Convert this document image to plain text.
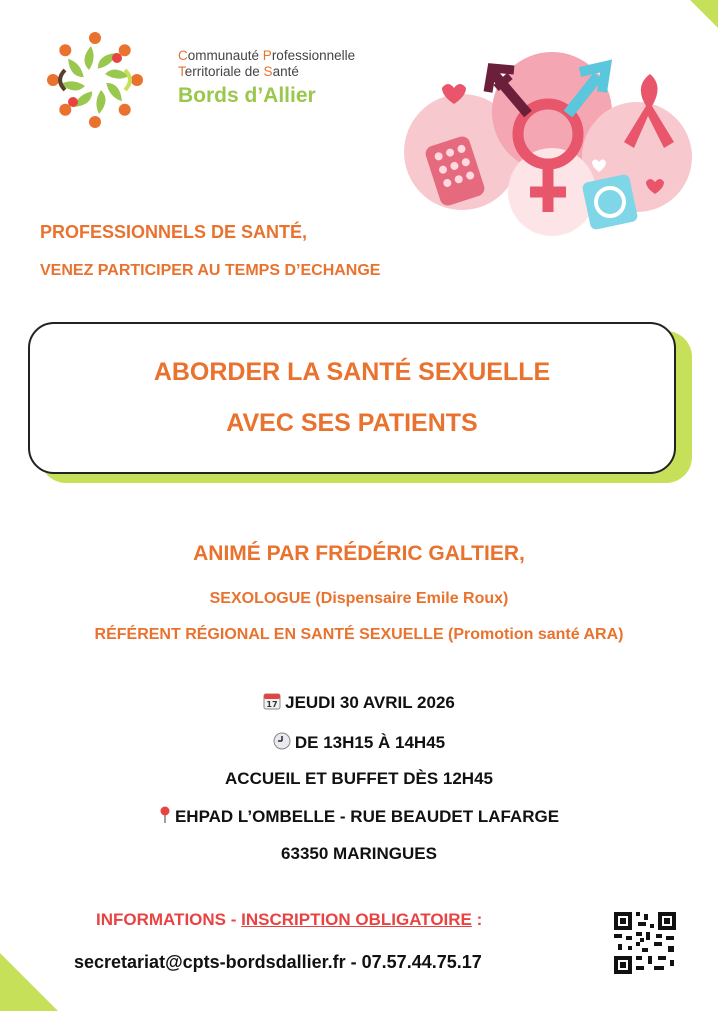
Communauté Professionnelle
Territoriale de Santé
Bords d’Allier
PROFESSIONNELS DE SANTÉ,
VENEZ PARTICIPER AU TEMPS D’ECHANGE
ABORDER LA SANTÉ SEXUELLE
AVEC SES PATIENTS
ANIMÉ PAR FRÉDÉRIC GALTIER,
SEXOLOGUE (Dispensaire Emile Roux)
RÉFÉRENT RÉGIONAL EN SANTÉ SEXUELLE (Promotion santé ARA)
17 JEUDI 30 AVRIL 2026
DE 13H15 À 14H45
ACCUEIL ET BUFFET DÈS 12H45
EHPAD L’OMBELLE - RUE BEAUDET LAFARGE
63350 MARINGUES
INFORMATIONS - INSCRIPTION OBLIGATOIRE :
secretariat@cpts-bordsdallier.fr - 07.57.44.75.17
